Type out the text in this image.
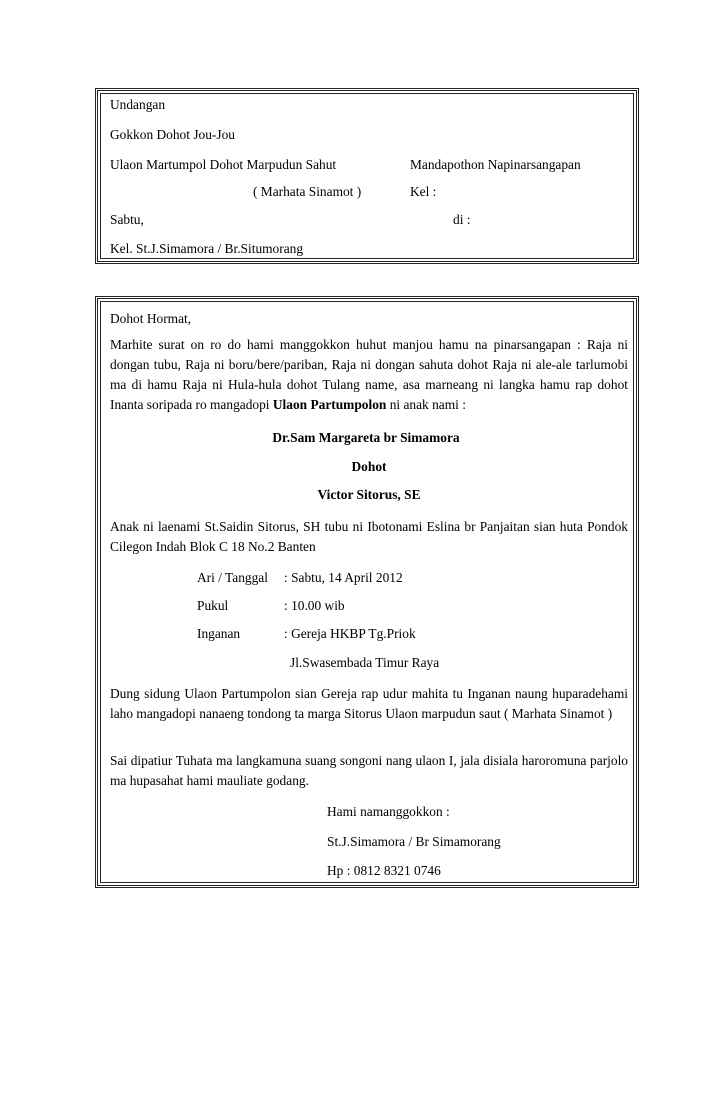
Undangan
Gokkon Dohot Jou-Jou
Ulaon Martumpol Dohot Marpudun Sahut	Mandapothon Napinarsangapan
( Marhata Sinamot )	Kel :
Sabtu,	di :
Kel. St.J.Simamora / Br.Situmorang
Dohot Hormat,
Marhite surat on ro do hami manggokkon huhut manjou hamu na pinarsangapan : Raja ni dongan tubu, Raja ni boru/bere/pariban, Raja ni dongan sahuta dohot Raja ni ale-ale tarlumobi ma di hamu Raja ni Hula-hula dohot Tulang name, asa marneang ni langka hamu rap dohot Inanta soripada ro mangadopi Ulaon Partumpolon ni anak nami :
Dr.Sam Margareta br Simamora
Dohot
Victor Sitorus, SE
Anak ni laenami St.Saidin Sitorus, SH tubu ni Ibotonami Eslina br Panjaitan sian huta Pondok Cilegon Indah Blok C 18 No.2 Banten
Ari / Tanggal : Sabtu, 14 April 2012
Pukul	: 10.00 wib
Inganan	: Gereja HKBP Tg.Priok
Jl.Swasembada Timur Raya
Dung sidung Ulaon Partumpolon sian Gereja rap udur mahita tu Inganan naung huparadehami laho mangadopi nanaeng tondong ta marga Sitorus Ulaon marpudun saut ( Marhata Sinamot )
Sai dipatiur Tuhata ma langkamuna suang songoni nang ulaon I, jala disiala haroromuna parjolo ma hupasahat hami mauliate godang.
Hami namanggokkon :
St.J.Simamora / Br Simamorang
Hp : 0812 8321 0746
